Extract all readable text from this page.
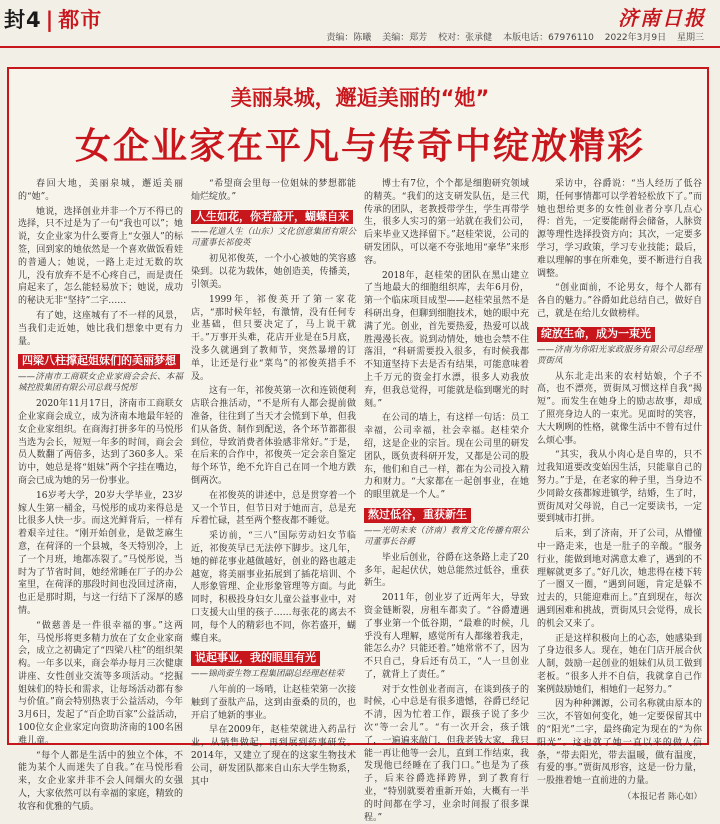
封4 | 都市	济南日报
责编：陈曦 美编：郑芳 校对：张承健 本版电话：67976110 2022年3月9日 星期三
美丽泉城，邂逅美丽的“她”
女企业家在平凡与传奇中绽放精彩

春回大地，美丽泉城，邂逅美丽的“她”。

她说，选择创业并非一个万不得已的选择，只不过是为了一句“我也可以”；她说，女企业家为什么要背上“女强人”的标签，回到家的她依然是一个喜欢做饭看娃的普通人；她说，一路上走过无数的坎儿，没有放弃不是不心疼自己，而是责任肩起来了，怎么能轻易放下；她说，成功的秘诀无非“坚持”二字……

有了她，这座城有了不一样的风景，当我们走近她，她比我们想象中更有力量。

四梁八柱撑起姐妹们的美丽梦想
——济南市工商联女企业家商会会长、本福城控股集团有限公司总裁马悦彤

2020年11月17日，济南市工商联女企业家商会成立，成为济南本地最年轻的女企业家组织。在商海打拼多年的马悦彤当选为会长，短短一年多的时间，商会会员人数翻了两倍多，达到了360多人。采访中，她总是将“姐妹”两个字挂在嘴边，商会已成为她的另一份事业。

16岁考大学，20岁大学毕业，23岁嫁人生第一桶金，马悦彤的成功来得总是比很多人快一步。而这光鲜背后，一样有着艰辛过往。“刚开始创业，是做芝麻生意，在荷泽的一个县城，冬天特别冷，上了一个月班，地都冻裂了。”马悦彤说，当时为了节省时间，她经常睡在厂子的办公室里，在荷泽的那段时间也没回过济南，也正是那时期，与这一行结下了深厚的感情。

“做慈善是一件很幸福的事。”这两年，马悦彤将更多精力放在了女企业家商会，成立之初确定了“四梁八柱”的组织架构。一年多以来，商会举办每月三次健康讲座、女性创业交流等多项活动。“挖掘姐妹们的特长和需求，让每场活动都有参与价值。”商会特别热衷于公益活动，今年3月6日，发起了“百企助百家”公益活动，100位女企业家定向资助济南的100名困难儿童。

“每个人都是生活中的独立个体，不能为某个人而迷失了自我。”在马悦彤看来，女企业家并非不会人间烟火的女强人，大家依然可以有幸福的家庭，精致的妆容和优雅的气质。

“希望商会里每一位姐妹的梦想都能灿烂绽放。”

人生如花，你若盛开，蝴蝶自来
——花道人生（山东）文化创意集团有限公司董事长祁俊英

初见祁俊英，一个小心被她的笑容感染到。以花为载体，她创造美，传播美，引领美。

1999年，祁俊英开了第一家花店，“那时候年轻，有激情，没有任何专业基础，但只要决定了，马上说干就干。”万事开头难，花店开业是在5月底，没多久就遇到了教师节，突然暴增的订单，让还是行业“菜鸟”的祁俊英措手不及。

这有一年，祁俊英第一次和连锁便利店联合推活动，“不是所有人都会提前做准备，往往到了当天才会慌到下单，但我们从备货、制作到配送，各个环节都都很到位，导致消费者体验感非常好。”于是，在后来的合作中，祁俊英一定会亲自鉴定每个环节，绝不允许自己在同一个地方跌倒两次。

在祁俊英的讲述中，总是贯穿着一个又一个节日，但节日对于她而言，总是充斥着忙碌，甚至两个整夜都不睡觉。

采访前，“三八”国际劳动妇女节临近，祁俊英早已无法停下脚步。这几年，她的鲜花事业越做越好，创业的路也越走越宽，将美丽事业拓展到了插花培训、个人形象管理、企业形象管理等方面。与此同时，积极投身妇女儿童公益事业中，对口支援大山里的孩子……每张花的离去不同，每个人的精彩也不同，你若盛开，蝴蝶自来。

说起事业，我的眼里有光
——锦尚蚕生物工程集团副总经理赵桂荣

八年前的一场哨，让赵桂荣第一次接触到了蚕肽产品，这到由蚕桑的员的，也开启了她新的事业。

早在2009年，赵桂荣就进入药品行业，从销售做起，再到展到药事研发。2014年，又建立了现在的这家生物技术公司，研发团队都来自山东大学生物系，其中

博士有7位，个个都是细胞研究领域的精英。“我们的这支研发队伍，是三代传承的团队，老教授带学生，学生再带学生，很多人实习的第一站就在我们公司，后来毕业又选择留下。”赵桂荣说，公司的研发团队，可以毫不夸张地用“豪华”来形容。

2018年，赵桂荣的团队在黑山建立了当地最大的细胞组织库，去年6月份，第一个临床项目成型——赵桂荣虽然不是科研出身，但聊到细胞技术，她的眼中充满了光。创业，首先要热爱，热爱可以战胜漫漫长夜。说到动情处，她也会禁不住落泪，“科研需要投入很多，有时候我都不知道坚持下去是否有结果，可能意味着上千万元的资金打水漂，很多人劝我放弃，但我总觉得，可能就是临到曙光的时刻。”

在公司的墙上，有这样一句话：员工幸福，公司幸福，社会幸福。赵桂荣介绍，这是企业的宗旨。现在公司里的研发团队，既负责科研开发，又都是公司的股东，他们和自己一样，都在为公司投入精力和财力。“大家都在一起创事业，在她的眼里就是一个人。”

熬过低谷，重获新生
——光明未来（济南）教育文化传播有限公司董事长谷爵

毕业后创业，谷爵在这条路上走了20多年，起起伏伏，她总能然过低谷，重获新生。

2011年，创业岁了近两年大，导致资金链断裂，房租车都卖了。“谷爵遭遇了事业第一个低谷期，“最难的时候，几乎没有人理解，感觉所有人都缘着我走，能怎么办？只能还着。”她常常不了，因为不只自己，身后还有员工，“人一旦创业了，就背上了责任。”

对于女性创业者而言，在谈到孩子的时候，心中总是有很多遗憾，谷爵已经记不清，因为忙着工作，跟孩子说了多少次“等一会儿”。“有一次开会，孩子饿了，一遍遍来敲门，但我老钱大家，我只能一再让他等一会儿，直到工作结束，我发现他已经睡在了我门口。”也是为了孩子，后来谷爵选择跨界，到了教育行业，“特别就要着重新开始，大概有一半的时间都在学习，业余时间报了很多课程。”

采访中，谷爵说：“当人经历了低谷期，任何事情都可以学着轻松放下了。”而她也想给更多的女性创业者分享几点心得：首先，一定要能耐得会储备，人脉资源等理性选择投资方向；其次，一定要多学习，学习政策，学习专业技能；最后，难以理解的事在所难免，要不断进行自我调整。

“创业面前，不论男女，每个人都有各自的魅力。”谷爵如此总结自己，做好自己，就是在给儿女做榜样。

绽放生命，成为一束光
——济南为你阳光家政服务有限公司总经理贾街凤

从东北走出来的农村姑娘，个子不高，也不漂亮，贾街凤习惯这样自我“揭短”。而发生在她身上的励志故事，却成了照亮身边人的一束光。见面时的笑容，大大咧咧的性格，就像生活中不曾有过什么烦心事。

“其实，我从小肉心是自卑的，只不过我知道要改变始因生活，只能靠自己的努力。”于是，在老家的种子里，当身边不少同龄女孩都嫁进镇学，结婚，生了时，贾街凤对父母说，自己一定要读书，一定要到城市打拼。

后来，到了济南，开了公司，从懵懂中一路走来，也是一肚子的辛酸。“服务行业，能做到地对满意太难了，遇到的不理解就更多了。”好几次，她悲得在楼下转了一圈又一圈，“遇到问题，肯定是躲不过去的，只能迎难而上。”直到现在，每次遇到困难和挑战，贾街凤只会觉得，成长的机会又来了。

正是这样积极向上的心态，她感染到了身边很多人。现在，她在门店开展合伙人制，鼓励一起创业的姐妹们从员工做到老板。“很多人并不自信，我就拿自己作案例鼓励她们，相她们一起努力。”

因为种种渊源，公司名称就由原本的三次，不管如何变化，她一定要保留其中的“阳光”二字，最终确定为现在的“为你阳光”。这也就了她一直以来的做人信条，“带去阳光，带去温暖，做有温度，有爱的事。”贾街凤形容，这是一份力量，一股推着她一直前进的力量。

（本报记者 陈心如）
